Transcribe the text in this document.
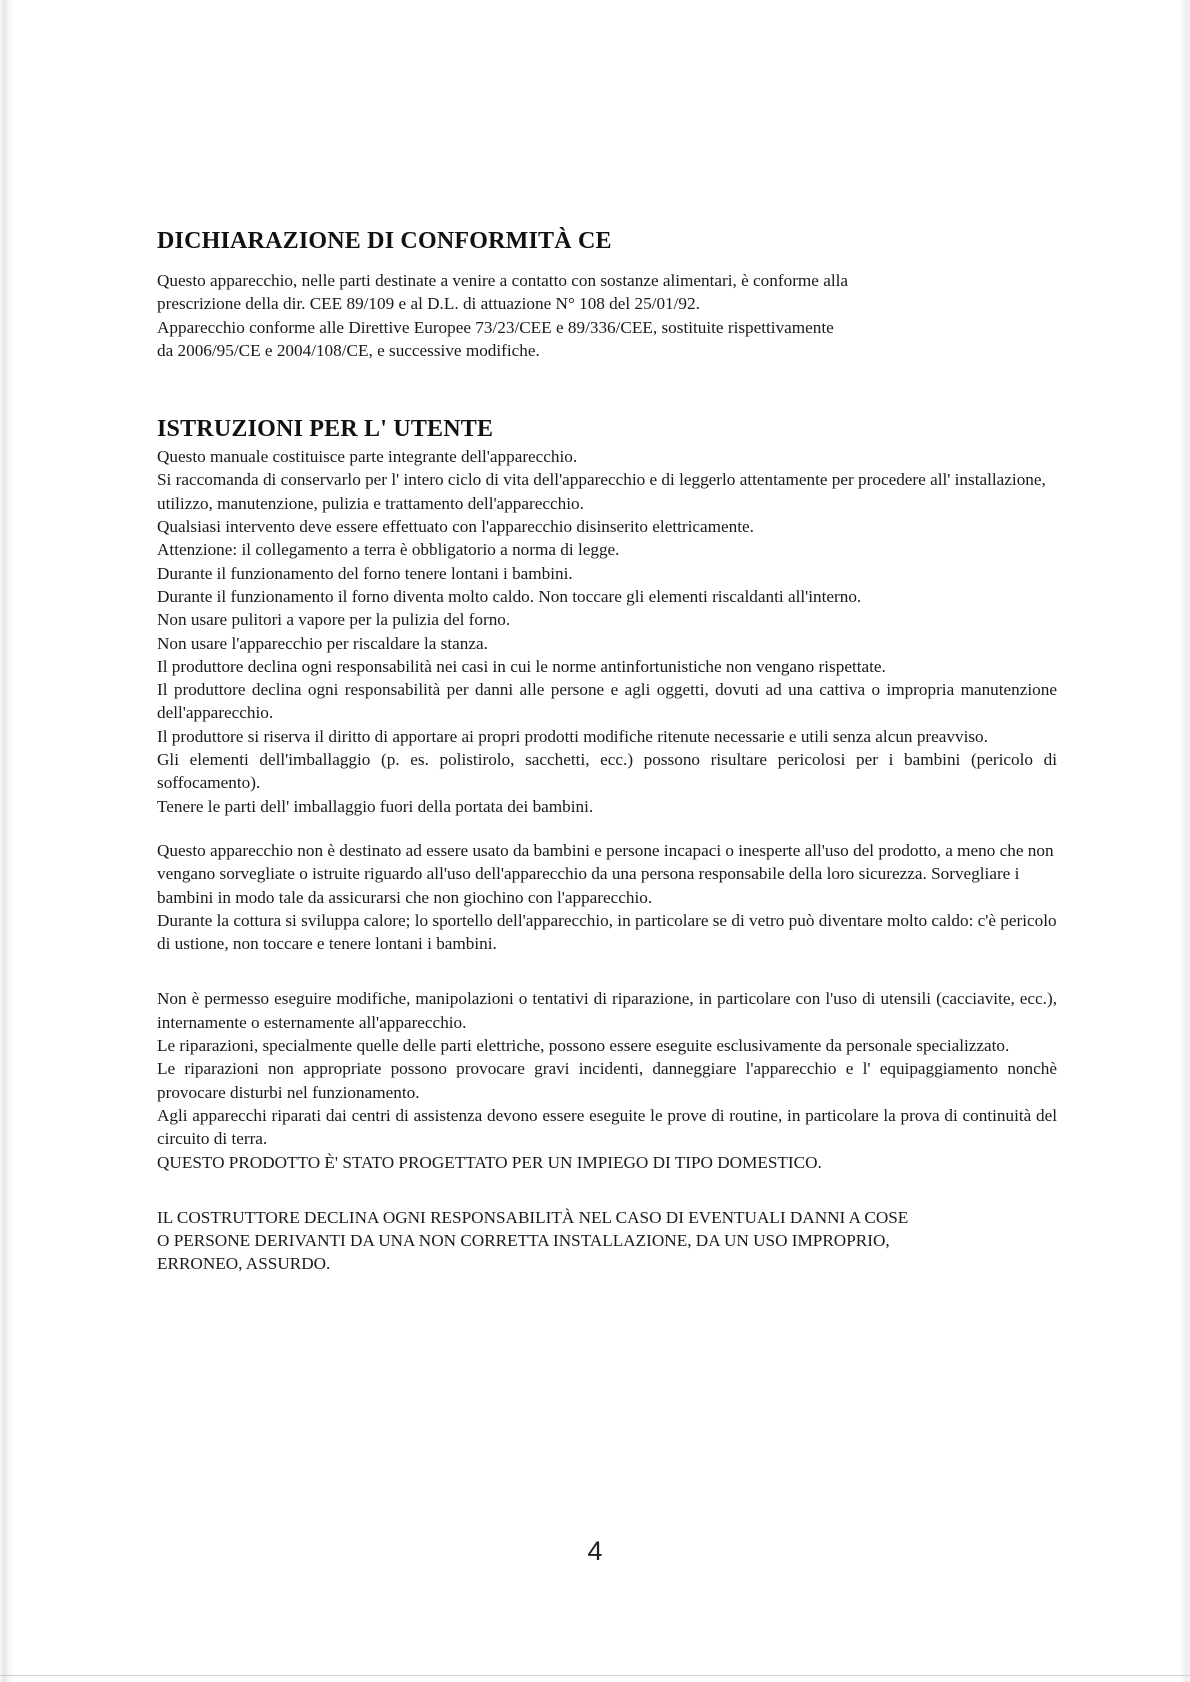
DICHIARAZIONE DI CONFORMITÀ CE

Questo apparecchio, nelle parti destinate a venire a contatto con sostanze alimentari, è conforme alla

prescrizione della dir. CEE 89/109 e al D.L. di attuazione N° 108 del 25/01/92.

Apparecchio conforme alle Direttive Europee 73/23/CEE e 89/336/CEE, sostituite rispettivamente

da 2006/95/CE e 2004/108/CE, e successive modifiche.

ISTRUZIONI PER L' UTENTE

Questo manuale costituisce parte integrante dell'apparecchio.

Si raccomanda di conservarlo per l' intero ciclo di vita dell'apparecchio e di leggerlo attentamente per procedere all' installazione, utilizzo, manutenzione, pulizia e trattamento dell'apparecchio.

Qualsiasi intervento deve essere effettuato con l'apparecchio disinserito elettricamente.

Attenzione: il collegamento a terra è obbligatorio a norma di legge.

Durante il funzionamento del forno tenere lontani i bambini.

Durante il funzionamento il forno diventa molto caldo. Non toccare gli elementi riscaldanti all'interno.

Non usare pulitori a vapore per la pulizia del forno.

Non usare l'apparecchio per riscaldare la stanza.

Il produttore declina ogni responsabilità nei casi in cui le norme antinfortunistiche non vengano rispettate.

Il produttore declina ogni responsabilità per danni alle persone e agli oggetti, dovuti ad una cattiva o impropria manutenzione dell'apparecchio.

Il produttore si riserva il diritto di apportare ai propri prodotti modifiche ritenute necessarie e utili senza alcun preavviso.

Gli elementi dell'imballaggio (p. es. polistirolo, sacchetti, ecc.) possono risultare pericolosi per i bambini (pericolo di soffocamento).

Tenere le parti dell' imballaggio fuori della portata dei bambini.

Questo apparecchio non è destinato ad essere usato da bambini e persone incapaci o inesperte all'uso del prodotto, a meno che non vengano sorvegliate o istruite riguardo all'uso dell'apparecchio da una persona responsabile della loro sicurezza. Sorvegliare i bambini in modo tale da assicurarsi che non giochino con l'apparecchio.

Durante la cottura si sviluppa calore; lo sportello dell'apparecchio, in particolare se di vetro può diventare molto caldo: c'è pericolo di ustione, non toccare e tenere lontani i bambini.

Non è permesso eseguire modifiche, manipolazioni o tentativi di riparazione, in particolare con l'uso di utensili (cacciavite, ecc.), internamente o esternamente all'apparecchio.

Le riparazioni, specialmente quelle delle parti elettriche, possono essere eseguite esclusivamente da personale specializzato.

Le riparazioni non appropriate possono provocare gravi incidenti, danneggiare l'apparecchio e l' equipaggiamento nonchè provocare disturbi nel funzionamento.

Agli apparecchi riparati dai centri di assistenza devono essere eseguite le prove di routine, in particolare la prova di continuità del circuito di terra.

QUESTO PRODOTTO È' STATO PROGETTATO PER UN IMPIEGO DI TIPO DOMESTICO.

IL COSTRUTTORE DECLINA OGNI RESPONSABILITÀ NEL CASO DI EVENTUALI DANNI A COSE

O PERSONE DERIVANTI DA UNA NON CORRETTA INSTALLAZIONE, DA UN USO IMPROPRIO,

ERRONEO, ASSURDO.

4
